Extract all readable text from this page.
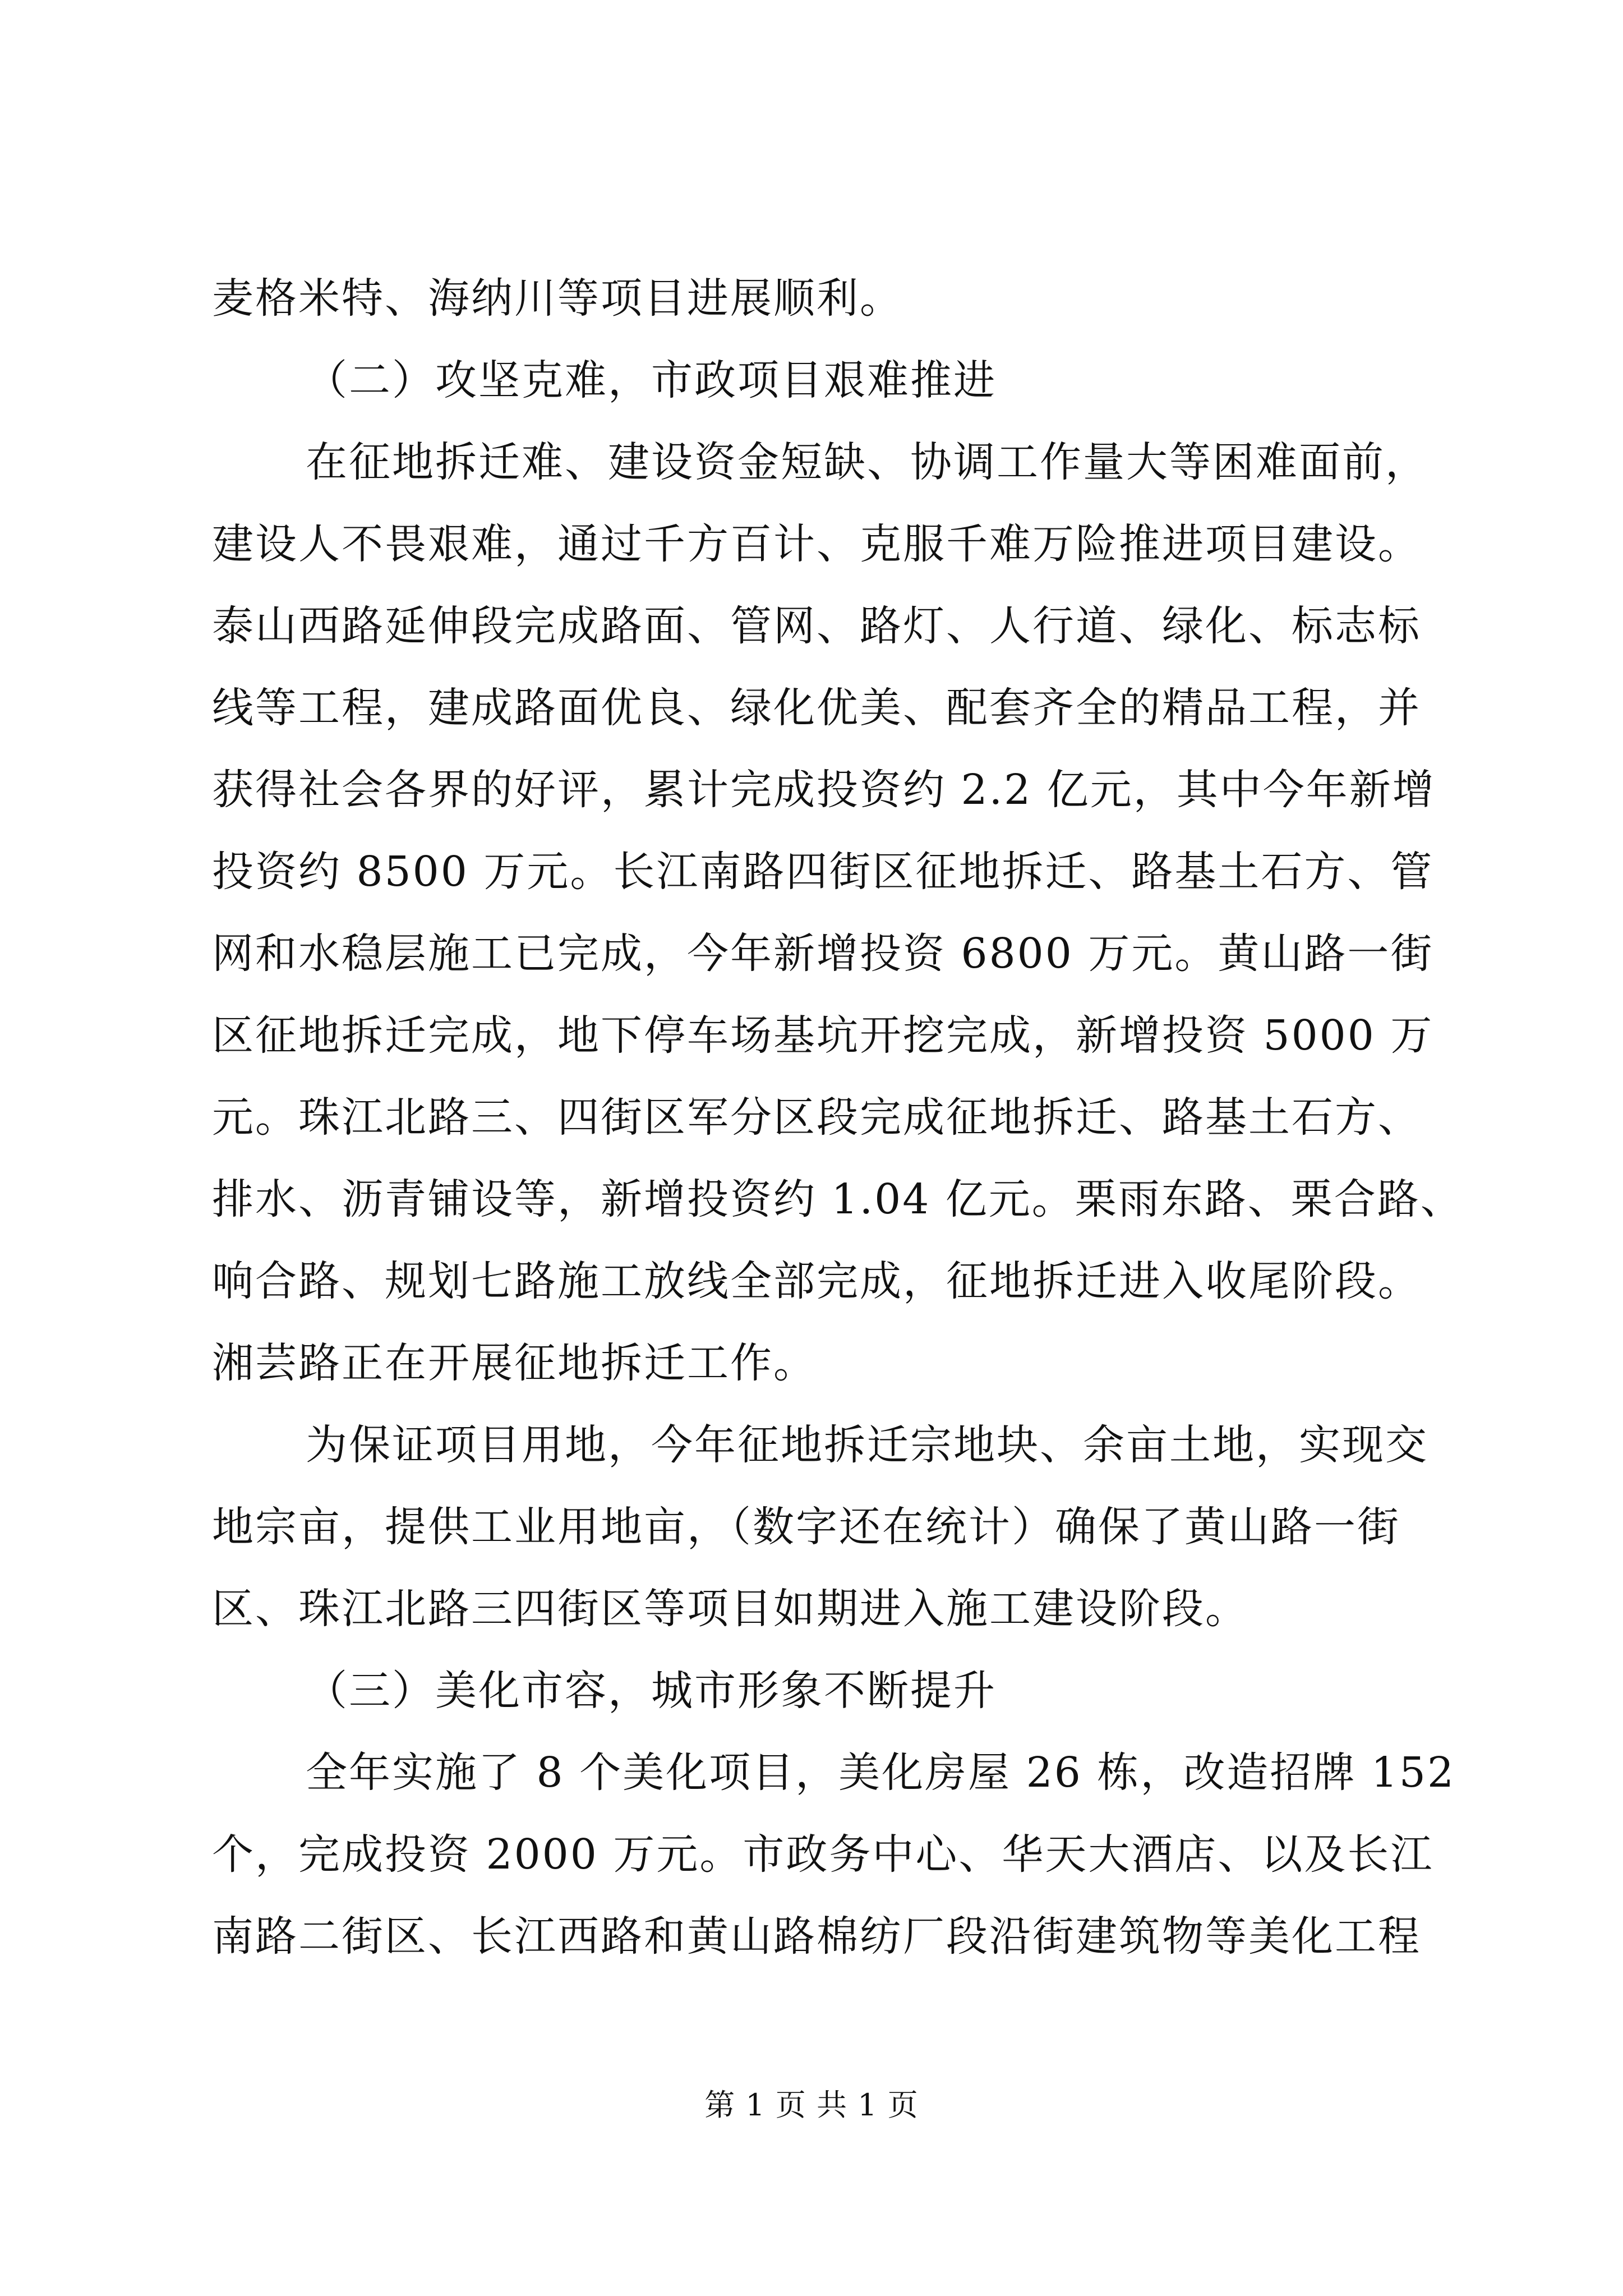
麦格米特、海纳川等项目进展顺利。
（二）攻坚克难，市政项目艰难推进
在征地拆迁难、建设资金短缺、协调工作量大等困难面前，
建设人不畏艰难，通过千方百计、克服千难万险推进项目建设。
泰山西路延伸段完成路面、管网、路灯、人行道、绿化、标志标
线等工程，建成路面优良、绿化优美、配套齐全的精品工程，并
获得社会各界的好评，累计完成投资约 2.2 亿元，其中今年新增
投资约 8500 万元。长江南路四街区征地拆迁、路基土石方、管
网和水稳层施工已完成，今年新增投资 6800 万元。黄山路一街
区征地拆迁完成，地下停车场基坑开挖完成，新增投资 5000 万
元。珠江北路三、四街区军分区段完成征地拆迁、路基土石方、
排水、沥青铺设等，新增投资约 1.04 亿元。栗雨东路、栗合路、
响合路、规划七路施工放线全部完成，征地拆迁进入收尾阶段。
湘芸路正在开展征地拆迁工作。
为保证项目用地，今年征地拆迁宗地块、余亩土地，实现交
地宗亩，提供工业用地亩，（数字还在统计）确保了黄山路一街
区、珠江北路三四街区等项目如期进入施工建设阶段。
（三）美化市容，城市形象不断提升
全年实施了 8 个美化项目，美化房屋 26 栋，改造招牌 152
个，完成投资 2000 万元。市政务中心、华天大酒店、以及长江
南路二街区、长江西路和黄山路棉纺厂段沿街建筑物等美化工程
第 1 页 共 1 页
